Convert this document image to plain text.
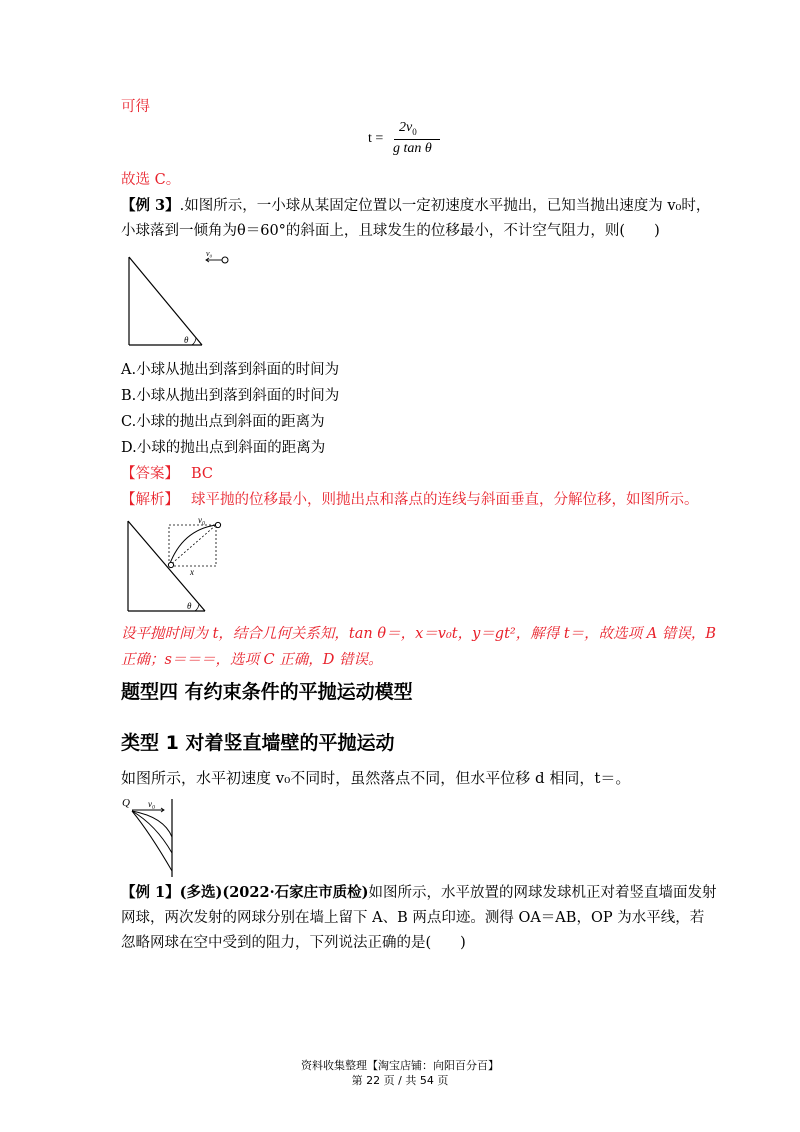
可得
t =
$2v_0$
g tan θ
故选 C。
【例 3】.如图所示，一小球从某固定位置以一定初速度水平抛出，已知当抛出速度为 v₀时，
小球落到一倾角为θ＝60°的斜面上，且球发生的位移最小，不计空气阻力，则(　　)
θ
v₀
A.小球从抛出到落到斜面的时间为
B.小球从抛出到落到斜面的时间为
C.小球的抛出点到斜面的距离为
D.小球的抛出点到斜面的距离为
【答案】 BC
【解析】 球平抛的位移最小，则抛出点和落点的连线与斜面垂直，分解位移，如图所示。
θ
v₀
x
设平抛时间为 t，结合几何关系知，tan θ＝，x＝v₀t，y＝gt²，解得 t＝，故选项 A 错误，B
正确；s＝＝＝，选项 C 正确，D 错误。
题型四 有约束条件的平抛运动模型
类型 1 对着竖直墙壁的平抛运动
如图所示，水平初速度 v₀不同时，虽然落点不同，但水平位移 d 相同，t＝。
Q v₀
【例 1】(多选)(2022·石家庄市质检)如图所示，水平放置的网球发球机正对着竖直墙面发射
网球，两次发射的网球分别在墙上留下 A、B 两点印迹。测得 OA＝AB，OP 为水平线，若
忽略网球在空中受到的阻力，下列说法正确的是(　　)
资料收集整理【淘宝店铺：向阳百分百】
第 22 页 / 共 54 页
